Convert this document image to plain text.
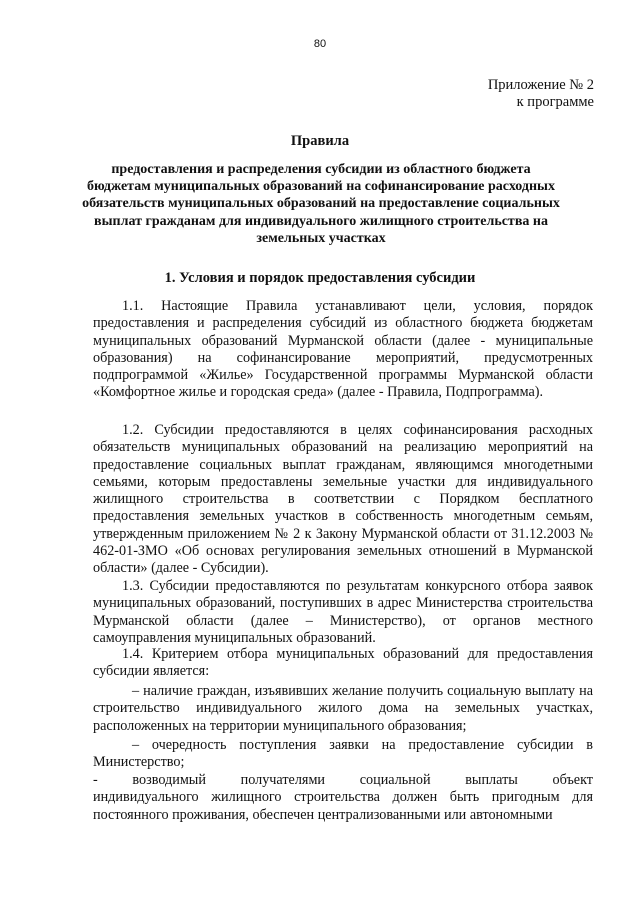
80
Приложение № 2
к программе
Правила
предоставления и распределения субсидии из областного бюджета бюджетам муниципальных образований на софинансирование расходных обязательств муниципальных образований на предоставление социальных выплат гражданам для индивидуального жилищного строительства на земельных участках
1. Условия и порядок предоставления субсидии

1.1. Настоящие Правила устанавливают цели, условия, порядок предоставления и распределения субсидий из областного бюджета бюджетам муниципальных образований Мурманской области (далее - муниципальные образования) на софинансирование мероприятий, предусмотренных подпрограммой «Жилье» Государственной программы Мурманской области «Комфортное жилье и городская среда» (далее - Правила, Подпрограмма).

1.2. Субсидии предоставляются в целях софинансирования расходных обязательств муниципальных образований на реализацию мероприятий на предоставление социальных выплат гражданам, являющимся многодетными семьями, которым предоставлены земельные участки для индивидуального жилищного строительства в соответствии с Порядком бесплатного предоставления земельных участков в собственность многодетным семьям, утвержденным приложением № 2 к Закону Мурманской области от 31.12.2003 № 462-01-ЗМО «Об основах регулирования земельных отношений в Мурманской области» (далее - Субсидии).

1.3. Субсидии предоставляются по результатам конкурсного отбора заявок муниципальных образований, поступивших в адрес Министерства строительства Мурманской области (далее – Министерство), от органов местного самоуправления муниципальных образований.

1.4. Критерием отбора муниципальных образований для предоставления субсидии является:

– наличие граждан, изъявивших желание получить социальную выплату на строительство индивидуального жилого дома на земельных участках, расположенных на территории муниципального образования;

– очередность поступления заявки на предоставление субсидии в Министерство;

- возводимый получателями социальной выплаты объект
индивидуального жилищного строительства должен быть пригодным для постоянного проживания, обеспечен централизованными или автономными
